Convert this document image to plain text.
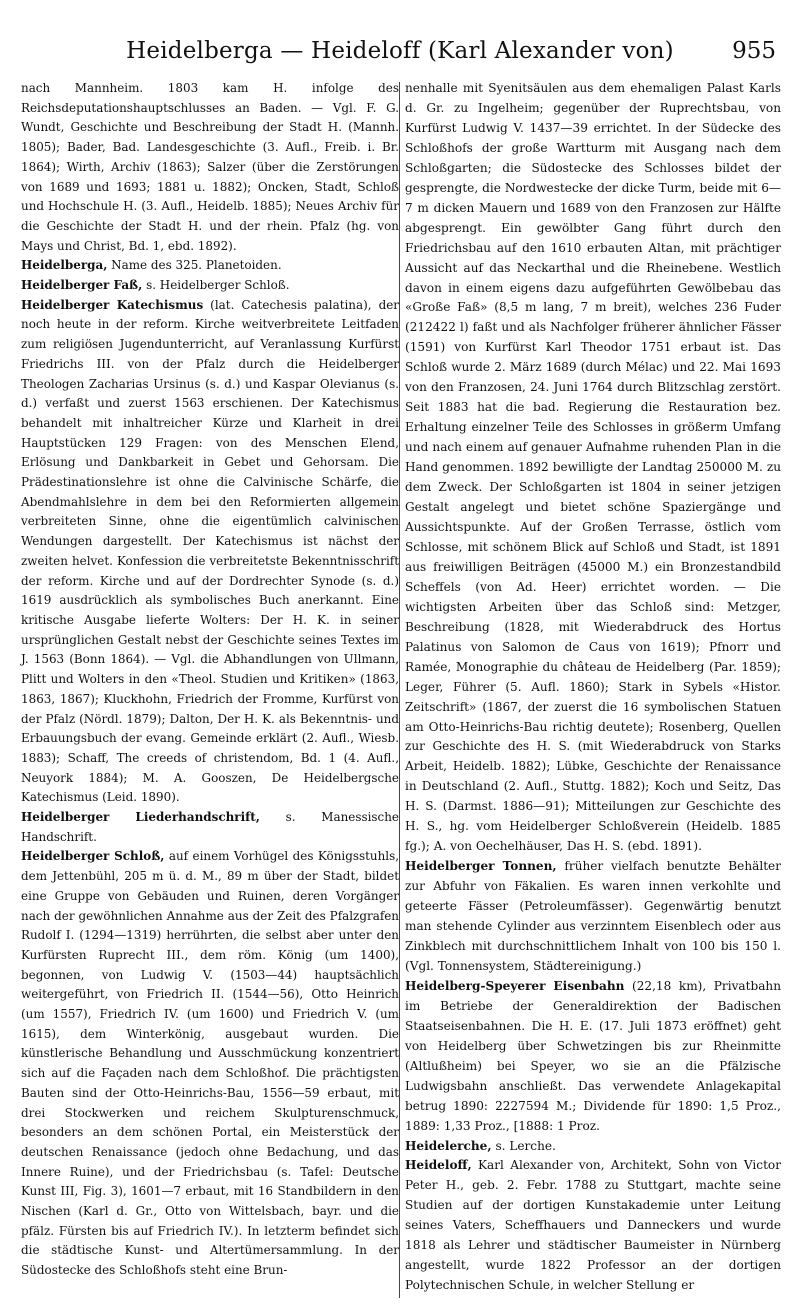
Heidelberga — Heideloff (Karl Alexander von)	955

nach Mannheim. 1803 kam H. infolge des Reichsdeputationshauptschlusses an Baden. — Vgl. F. G. Wundt, Geschichte und Beschreibung der Stadt H. (Mannh. 1805); Bader, Bad. Landesgeschichte (3. Aufl., Freib. i. Br. 1864); Wirth, Archiv (1863); Salzer (über die Zerstörungen von 1689 und 1693; 1881 u. 1882); Oncken, Stadt, Schloß und Hochschule H. (3. Aufl., Heidelb. 1885); Neues Archiv für die Geschichte der Stadt H. und der rhein. Pfalz (hg. von Mays und Christ, Bd. 1, ebd. 1892).

Heidelberga, Name des 325. Planetoiden.

Heidelberger Faß, s. Heidelberger Schloß.

Heidelberger Katechismus (lat. Catechesis palatina), der noch heute in der reform. Kirche weitverbreitete Leitfaden zum religiösen Jugendunterricht, auf Veranlassung Kurfürst Friedrichs III. von der Pfalz durch die Heidelberger Theologen Zacharias Ursinus (s. d.) und Kaspar Olevianus (s. d.) verfaßt und zuerst 1563 erschienen. Der Katechismus behandelt mit inhaltreicher Kürze und Klarheit in drei Hauptstücken 129 Fragen: von des Menschen Elend, Erlösung und Dankbarkeit in Gebet und Gehorsam. Die Prädestinationslehre ist ohne die Calvinische Schärfe, die Abendmahlslehre in dem bei den Reformierten allgemein verbreiteten Sinne, ohne die eigentümlich calvinischen Wendungen dargestellt. Der Katechismus ist nächst der zweiten helvet. Konfession die verbreitetste Bekenntnisschrift der reform. Kirche und auf der Dordrechter Synode (s. d.) 1619 ausdrücklich als symbolisches Buch anerkannt. Eine kritische Ausgabe lieferte Wolters: Der H. K. in seiner ursprünglichen Gestalt nebst der Geschichte seines Textes im J. 1563 (Bonn 1864). — Vgl. die Abhandlungen von Ullmann, Plitt und Wolters in den «Theol. Studien und Kritiken» (1863, 1863, 1867); Kluckhohn, Friedrich der Fromme, Kurfürst von der Pfalz (Nördl. 1879); Dalton, Der H. K. als Bekenntnis- und Erbauungsbuch der evang. Gemeinde erklärt (2. Aufl., Wiesb. 1883); Schaff, The creeds of christendom, Bd. 1 (4. Aufl., Neuyork 1884); M. A. Gooszen, De Heidelbergsche Katechismus (Leid. 1890).

Heidelberger Liederhandschrift, s. Manessische Handschrift.

Heidelberger Schloß, auf einem Vorhügel des Königsstuhls, dem Jettenbühl, 205 m ü. d. M., 89 m über der Stadt, bildet eine Gruppe von Gebäuden und Ruinen, deren Vorgänger nach der gewöhnlichen Annahme aus der Zeit des Pfalzgrafen Rudolf I. (1294—1319) herrührten, die selbst aber unter den Kurfürsten Ruprecht III., dem röm. König (um 1400), begonnen, von Ludwig V. (1503—44) hauptsächlich weitergeführt, von Friedrich II. (1544—56), Otto Heinrich (um 1557), Friedrich IV. (um 1600) und Friedrich V. (um 1615), dem Winterkönig, ausgebaut wurden. Die künstlerische Behandlung und Ausschmückung konzentriert sich auf die Façaden nach dem Schloßhof. Die prächtigsten Bauten sind der Otto-Heinrichs-Bau, 1556—59 erbaut, mit drei Stockwerken und reichem Skulpturenschmuck, besonders an dem schönen Portal, ein Meisterstück der deutschen Renaissance (jedoch ohne Bedachung, und das Innere Ruine), und der Friedrichsbau (s. Tafel: Deutsche Kunst III, Fig. 3), 1601—7 erbaut, mit 16 Standbildern in den Nischen (Karl d. Gr., Otto von Wittelsbach, bayr. und die pfälz. Fürsten bis auf Friedrich IV.). In letzterm befindet sich die städtische Kunst- und Altertümersammlung. In der Südostecke des Schloßhofs steht eine Brun-

nenhalle mit Syenitsäulen aus dem ehemaligen Palast Karls d. Gr. zu Ingelheim; gegenüber der Ruprechtsbau, von Kurfürst Ludwig V. 1437—39 errichtet. In der Südecke des Schloßhofs der große Wartturm mit Ausgang nach dem Schloßgarten; die Südostecke des Schlosses bildet der gesprengte, die Nordwestecke der dicke Turm, beide mit 6—7 m dicken Mauern und 1689 von den Franzosen zur Hälfte abgesprengt. Ein gewölbter Gang führt durch den Friedrichsbau auf den 1610 erbauten Altan, mit prächtiger Aussicht auf das Neckarthal und die Rheinebene. Westlich davon in einem eigens dazu aufgeführten Gewölbebau das «Große Faß» (8,5 m lang, 7 m breit), welches 236 Fuder (212422 l) faßt und als Nachfolger früherer ähnlicher Fässer (1591) von Kurfürst Karl Theodor 1751 erbaut ist. Das Schloß wurde 2. März 1689 (durch Mélac) und 22. Mai 1693 von den Franzosen, 24. Juni 1764 durch Blitzschlag zerstört. Seit 1883 hat die bad. Regierung die Restauration bez. Erhaltung einzelner Teile des Schlosses in größerm Umfang und nach einem auf genauer Aufnahme ruhenden Plan in die Hand genommen. 1892 bewilligte der Landtag 250000 M. zu dem Zweck. Der Schloßgarten ist 1804 in seiner jetzigen Gestalt angelegt und bietet schöne Spaziergänge und Aussichtspunkte. Auf der Großen Terrasse, östlich vom Schlosse, mit schönem Blick auf Schloß und Stadt, ist 1891 aus freiwilligen Beiträgen (45000 M.) ein Bronzestandbild Scheffels (von Ad. Heer) errichtet worden. — Die wichtigsten Arbeiten über das Schloß sind: Metzger, Beschreibung (1828, mit Wiederabdruck des Hortus Palatinus von Salomon de Caus von 1619); Pfnorr und Ramée, Monographie du château de Heidelberg (Par. 1859); Leger, Führer (5. Aufl. 1860); Stark in Sybels «Histor. Zeitschrift» (1867, der zuerst die 16 symbolischen Statuen am Otto-Heinrichs-Bau richtig deutete); Rosenberg, Quellen zur Geschichte des H. S. (mit Wiederabdruck von Starks Arbeit, Heidelb. 1882); Lübke, Geschichte der Renaissance in Deutschland (2. Aufl., Stuttg. 1882); Koch und Seitz, Das H. S. (Darmst. 1886—91); Mitteilungen zur Geschichte des H. S., hg. vom Heidelberger Schloßverein (Heidelb. 1885 fg.); A. von Oechelhäuser, Das H. S. (ebd. 1891).

Heidelberger Tonnen, früher vielfach benutzte Behälter zur Abfuhr von Fäkalien. Es waren innen verkohlte und geteerte Fässer (Petroleumfässer). Gegenwärtig benutzt man stehende Cylinder aus verzinntem Eisenblech oder aus Zinkblech mit durchschnittlichem Inhalt von 100 bis 150 l. (Vgl. Tonnensystem, Städtereinigung.)

Heidelberg-Speyerer Eisenbahn (22,18 km), Privatbahn im Betriebe der Generaldirektion der Badischen Staatseisenbahnen. Die H. E. (17. Juli 1873 eröffnet) geht von Heidelberg über Schwetzingen bis zur Rheinmitte (Altlußheim) bei Speyer, wo sie an die Pfälzische Ludwigsbahn anschließt. Das verwendete Anlagekapital betrug 1890: 2227594 M.; Dividende für 1890: 1,5 Proz., 1889: 1,33 Proz., [1888: 1 Proz.

Heidelerche, s. Lerche.

Heideloff, Karl Alexander von, Architekt, Sohn von Victor Peter H., geb. 2. Febr. 1788 zu Stuttgart, machte seine Studien auf der dortigen Kunstakademie unter Leitung seines Vaters, Scheffhauers und Danneckers und wurde 1818 als Lehrer und städtischer Baumeister in Nürnberg angestellt, wurde 1822 Professor an der dortigen Polytechnischen Schule, in welcher Stellung er
